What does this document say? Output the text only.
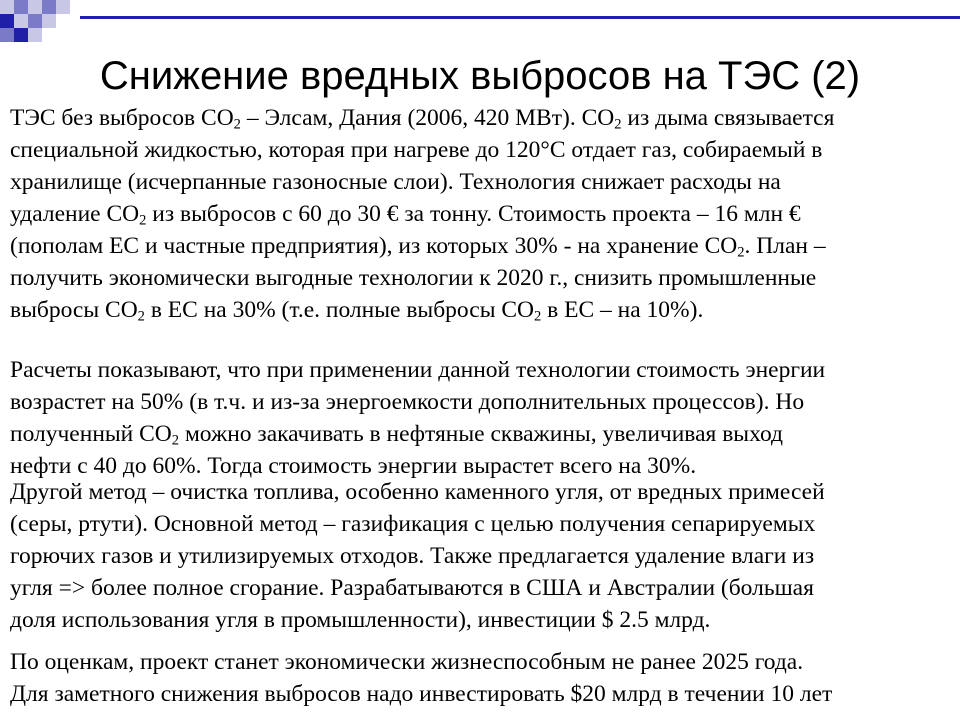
Снижение вредных выбросов на ТЭС (2)
ТЭС без выбросов $СО_2$ – Элсам, Дания (2006, 420 МВт). $СО_2$ из дыма связывается
специальной жидкостью, которая при нагреве до 120°С отдает газ, собираемый в
хранилище (исчерпанные газоносные слои). Технология снижает расходы на
удаление $СО_2$ из выбросов с 60 до 30 € за тонну. Стоимость проекта – 16 млн €
(пополам ЕС и частные предприятия), из которых 30% - на хранение $СО_2$. План –
получить экономически выгодные технологии к 2020 г., снизить промышленные
выбросы $СО_2$ в ЕС на 30% (т.е. полные выбросы $СО_2$ в ЕС – на 10%).
Расчеты показывают, что при применении данной технологии стоимость энергии
возрастет на 50% (в т.ч. и из-за энергоемкости дополнительных процессов). Но
полученный $СО_2$ можно закачивать в нефтяные скважины, увеличивая выход
нефти с 40 до 60%. Тогда стоимость энергии вырастет всего на 30%.
Другой метод – очистка топлива, особенно каменного угля, от вредных примесей
(серы, ртути). Основной метод – газификация с целью получения сепарируемых
горючих газов и утилизируемых отходов. Также предлагается удаление влаги из
угля => более полное сгорание. Разрабатываются в США и Австралии (большая
доля использования угля в промышленности), инвестиции $ 2.5 млрд.
По оценкам, проект станет экономически жизнеспособным не ранее 2025 года.
Для заметного снижения выбросов надо инвестировать $20 млрд в течении 10 лет
